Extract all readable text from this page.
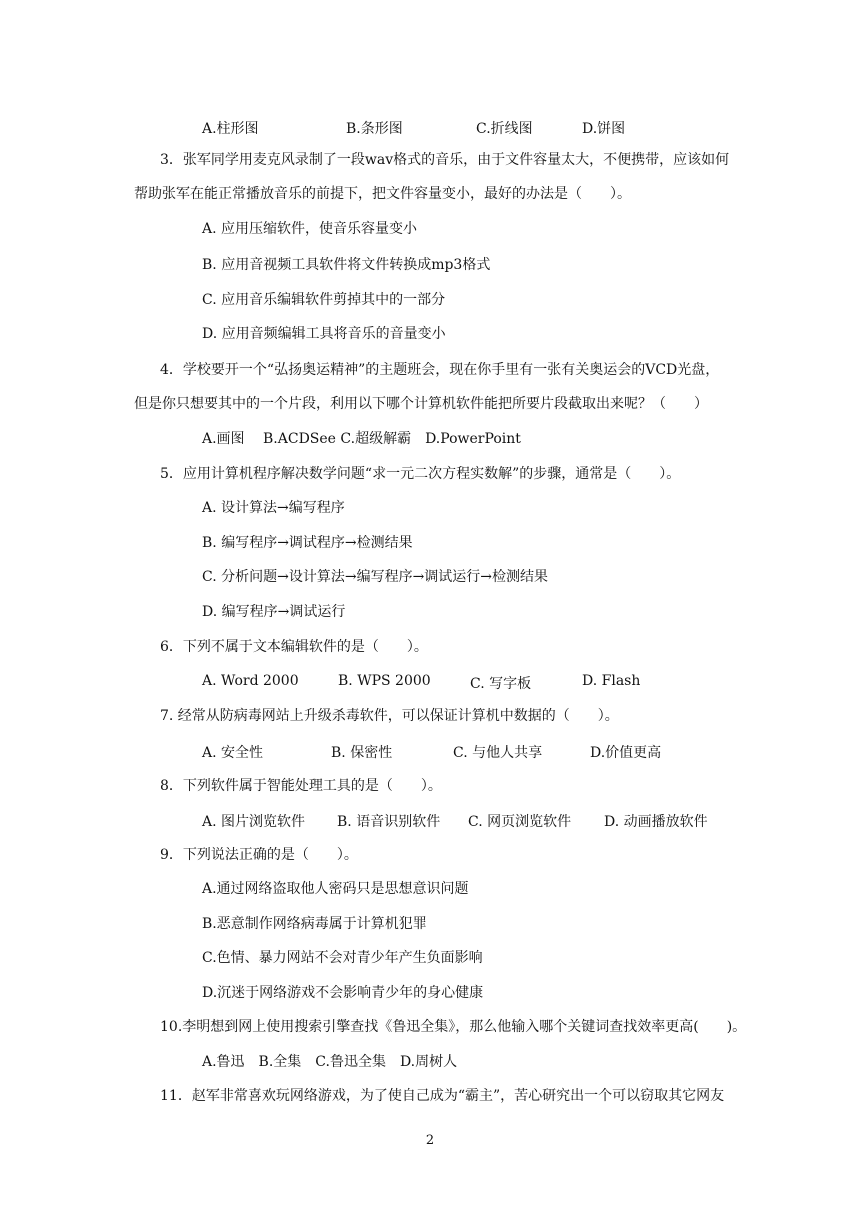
A.柱形图	B.条形图	C.折线图	D.饼图
3．张军同学用麦克风录制了一段wav格式的音乐，由于文件容量太大，不便携带，应该如何
帮助张军在能正常播放音乐的前提下，把文件容量变小，最好的办法是（　　）。
A. 应用压缩软件，使音乐容量变小
B. 应用音视频工具软件将文件转换成mp3格式
C. 应用音乐编辑软件剪掉其中的一部分
D. 应用音频编辑工具将音乐的音量变小
4．学校要开一个“弘扬奥运精神”的主题班会，现在你手里有一张有关奥运会的VCD光盘，
但是你只想要其中的一个片段，利用以下哪个计算机软件能把所要片段截取出来呢？（　　）
A.画图　 B.ACDSee C.超级解霸　D.PowerPoint
5．应用计算机程序解决数学问题“求一元二次方程实数解”的步骤，通常是（　　）。
A. 设计算法→编写程序
B. 编写程序→调试程序→检测结果
C. 分析问题→设计算法→编写程序→调试运行→检测结果
D. 编写程序→调试运行
6．下列不属于文本编辑软件的是（　　）。
A. Word 2000	B. WPS 2000	C. 写字板	D. Flash
7. 经常从防病毒网站上升级杀毒软件，可以保证计算机中数据的（　　）。
A. 安全性	B. 保密性	C. 与他人共享	D.价值更高
8．下列软件属于智能处理工具的是（　　）。
A. 图片浏览软件 B. 语音识别软件 C. 网页浏览软件 D. 动画播放软件
9．下列说法正确的是（　　）。
A.通过网络盗取他人密码只是思想意识问题
B.恶意制作网络病毒属于计算机犯罪
C.色情、暴力网站不会对青少年产生负面影响
D.沉迷于网络游戏不会影响青少年的身心健康
10.李明想到网上使用搜索引擎查找《鲁迅全集》，那么他输入哪个关键词查找效率更高(　　)。
A.鲁迅　B.全集　C.鲁迅全集　D.周树人
11．赵军非常喜欢玩网络游戏，为了使自己成为“霸主”，苦心研究出一个可以窃取其它网友
2
